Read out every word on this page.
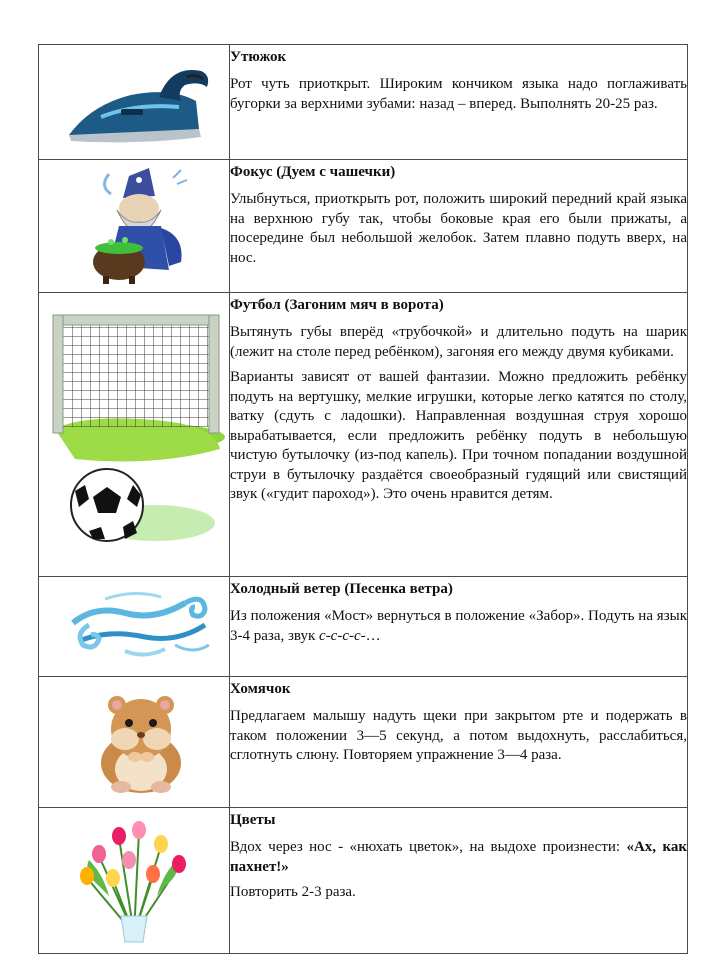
Утюжок
Рот чуть приоткрыт. Широким кончиком языка надо поглаживать бугорки за верхними зубами: назад – вперед. Выполнять 20-25 раз.

Фокус (Дуем с чашечки)
Улыбнуться, приоткрыть рот, положить широкий передний край языка на верхнюю губу так, чтобы боковые края его были прижаты, а посередине был небольшой желобок. Затем плавно подуть вверх, на нос.

Футбол (Загоним мяч в ворота)
Вытянуть губы вперёд «трубочкой» и длительно подуть на шарик (лежит на столе перед ребёнком), загоняя его между двумя кубиками.
Варианты зависят от вашей фантазии. Можно предложить ребёнку подуть на вертушку, мелкие игрушки, которые легко катятся по столу, ватку (сдуть с ладошки). Направленная воздушная струя хорошо вырабатывается, если предложить ребёнку подуть в небольшую чистую бутылочку (из-под капель). При точном попадании воздушной струи в бутылочку раздаётся своеобразный гудящий или свистящий звук («гудит пароход»). Это очень нравится детям.

Холодный ветер (Песенка ветра)
Из положения «Мост» вернуться в положение «Забор». Подуть на язык 3-4 раза, звук с-с-с-с-…

Хомячок
Предлагаем малышу надуть щеки при закрытом рте и подержать в таком положении 3—5 секунд, а потом выдохнуть, расслабиться, сглотнуть слюну. Повторяем упражнение 3—4 раза.

Цветы
Вдох через нос - «нюхать цветок», на выдохе произнести: «Ах, как пахнет!»
Повторить 2-3 раза.
